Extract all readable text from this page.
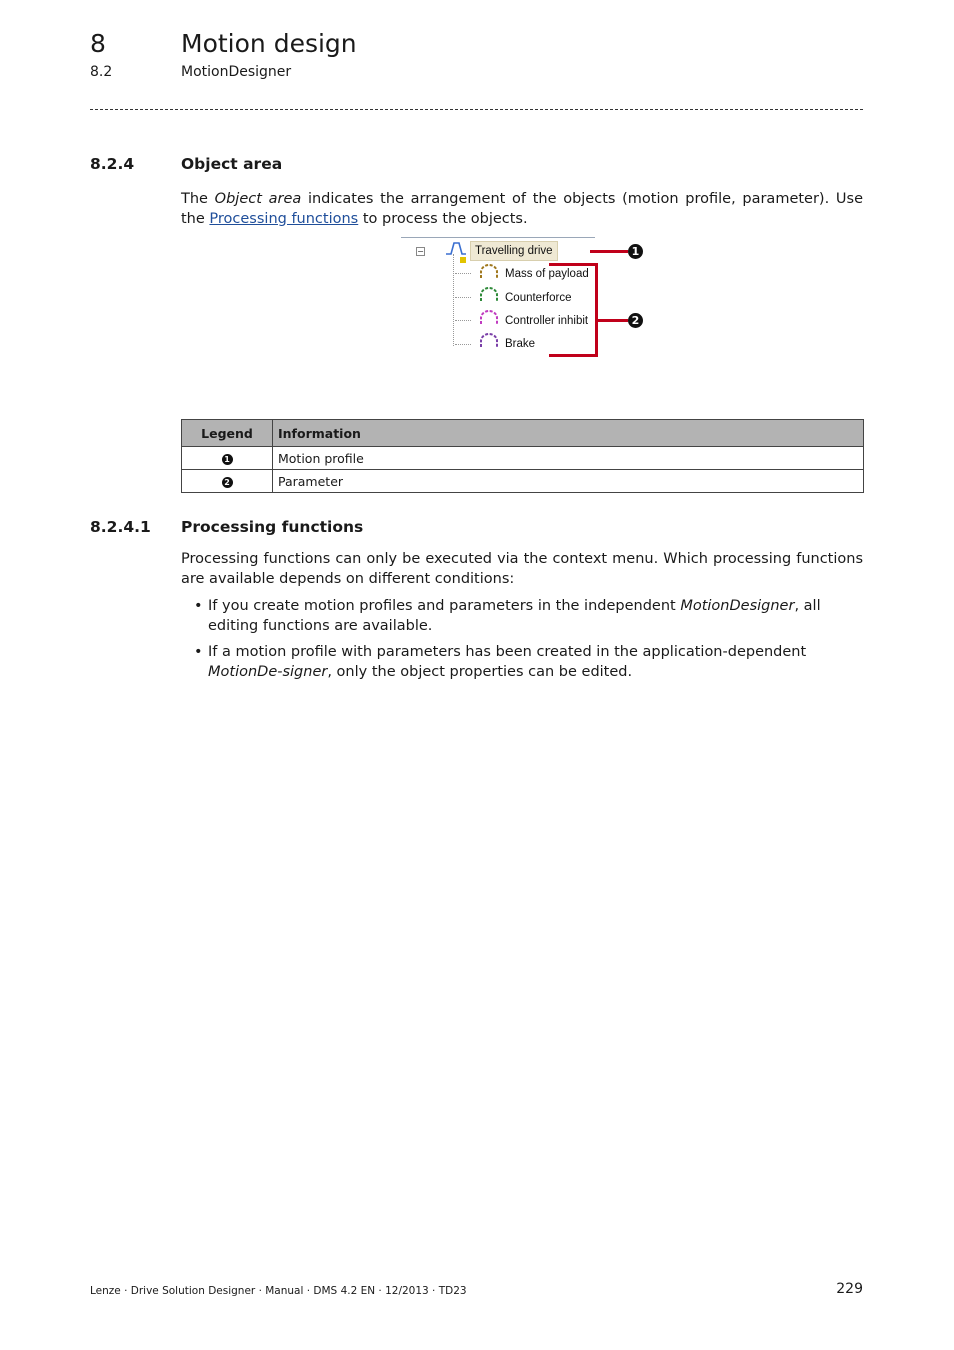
8	Motion design
8.2	MotionDesigner
8.2.4	Object area
The Object area indicates the arrangement of the objects (motion profile, parameter). Use the Processing functions to process the objects.
−	Travelling drive
Mass of payload
Counterforce
Controller inhibit
Brake
1
2
Legend	Information
1	Motion profile
2	Parameter
8.2.4.1 Processing functions
Processing functions can only be executed via the context menu. Which processing functions are available depends on different conditions:
• If you create motion profiles and parameters in the independent MotionDesigner, all editing functions are available.
• If a motion profile with parameters has been created in the application-dependent MotionDe-signer, only the object properties can be edited.
Lenze · Drive Solution Designer · Manual · DMS 4.2 EN · 12/2013 · TD23	229
